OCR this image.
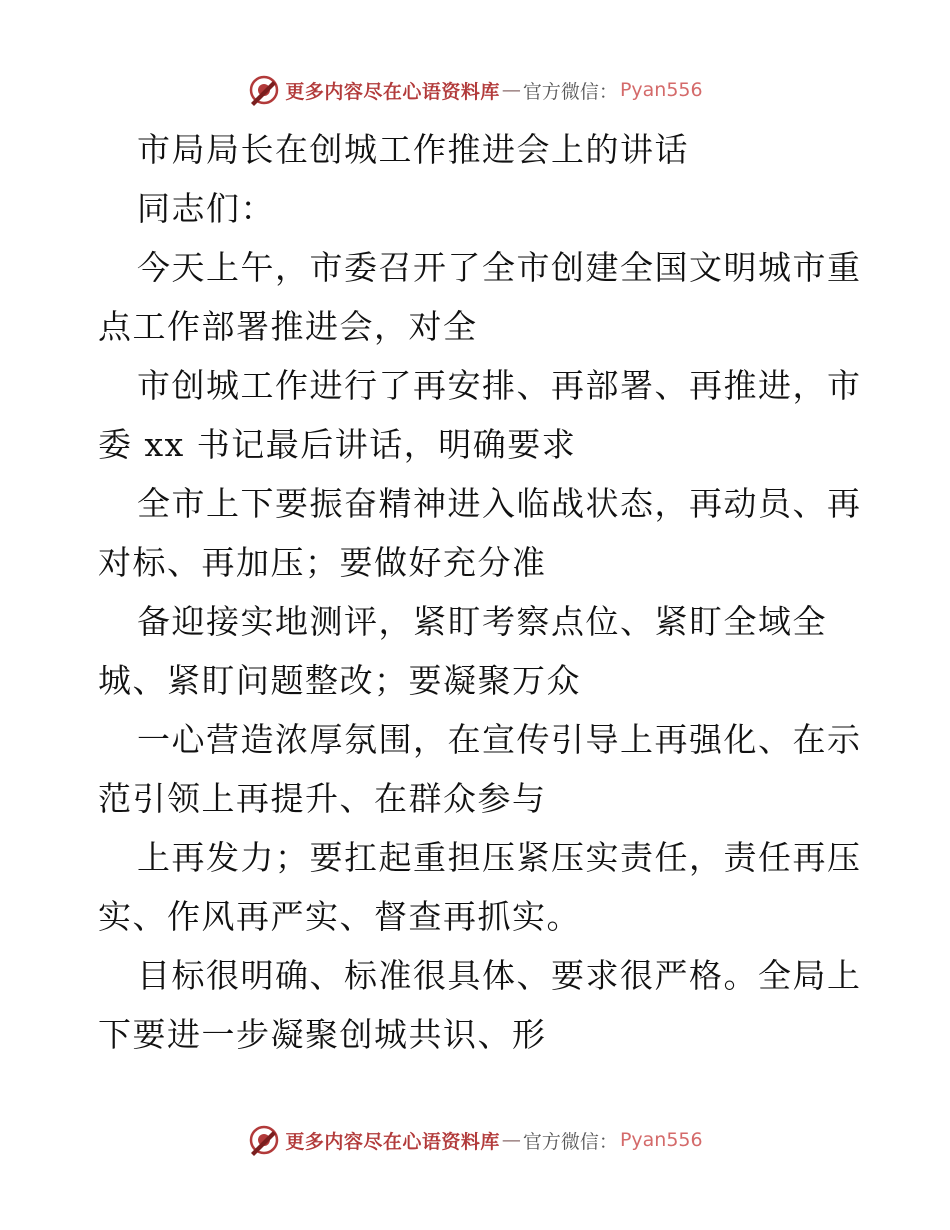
更多内容尽在心语资料库 — 官方微信： Pyan556
市局局长在创城工作推进会上的讲话
同志们：
今天上午，市委召开了全市创建全国文明城市重
点工作部署推进会，对全
市创城工作进行了再安排、再部署、再推进，市
委 xx 书记最后讲话，明确要求
全市上下要振奋精神进入临战状态，再动员、再
对标、再加压；要做好充分准
备迎接实地测评，紧盯考察点位、紧盯全域全
城、紧盯问题整改；要凝聚万众
一心营造浓厚氛围，在宣传引导上再强化、在示
范引领上再提升、在群众参与
上再发力；要扛起重担压紧压实责任，责任再压
实、作风再严实、督查再抓实。
目标很明确、标准很具体、要求很严格。全局上
下要进一步凝聚创城共识、形
更多内容尽在心语资料库 — 官方微信： Pyan556
